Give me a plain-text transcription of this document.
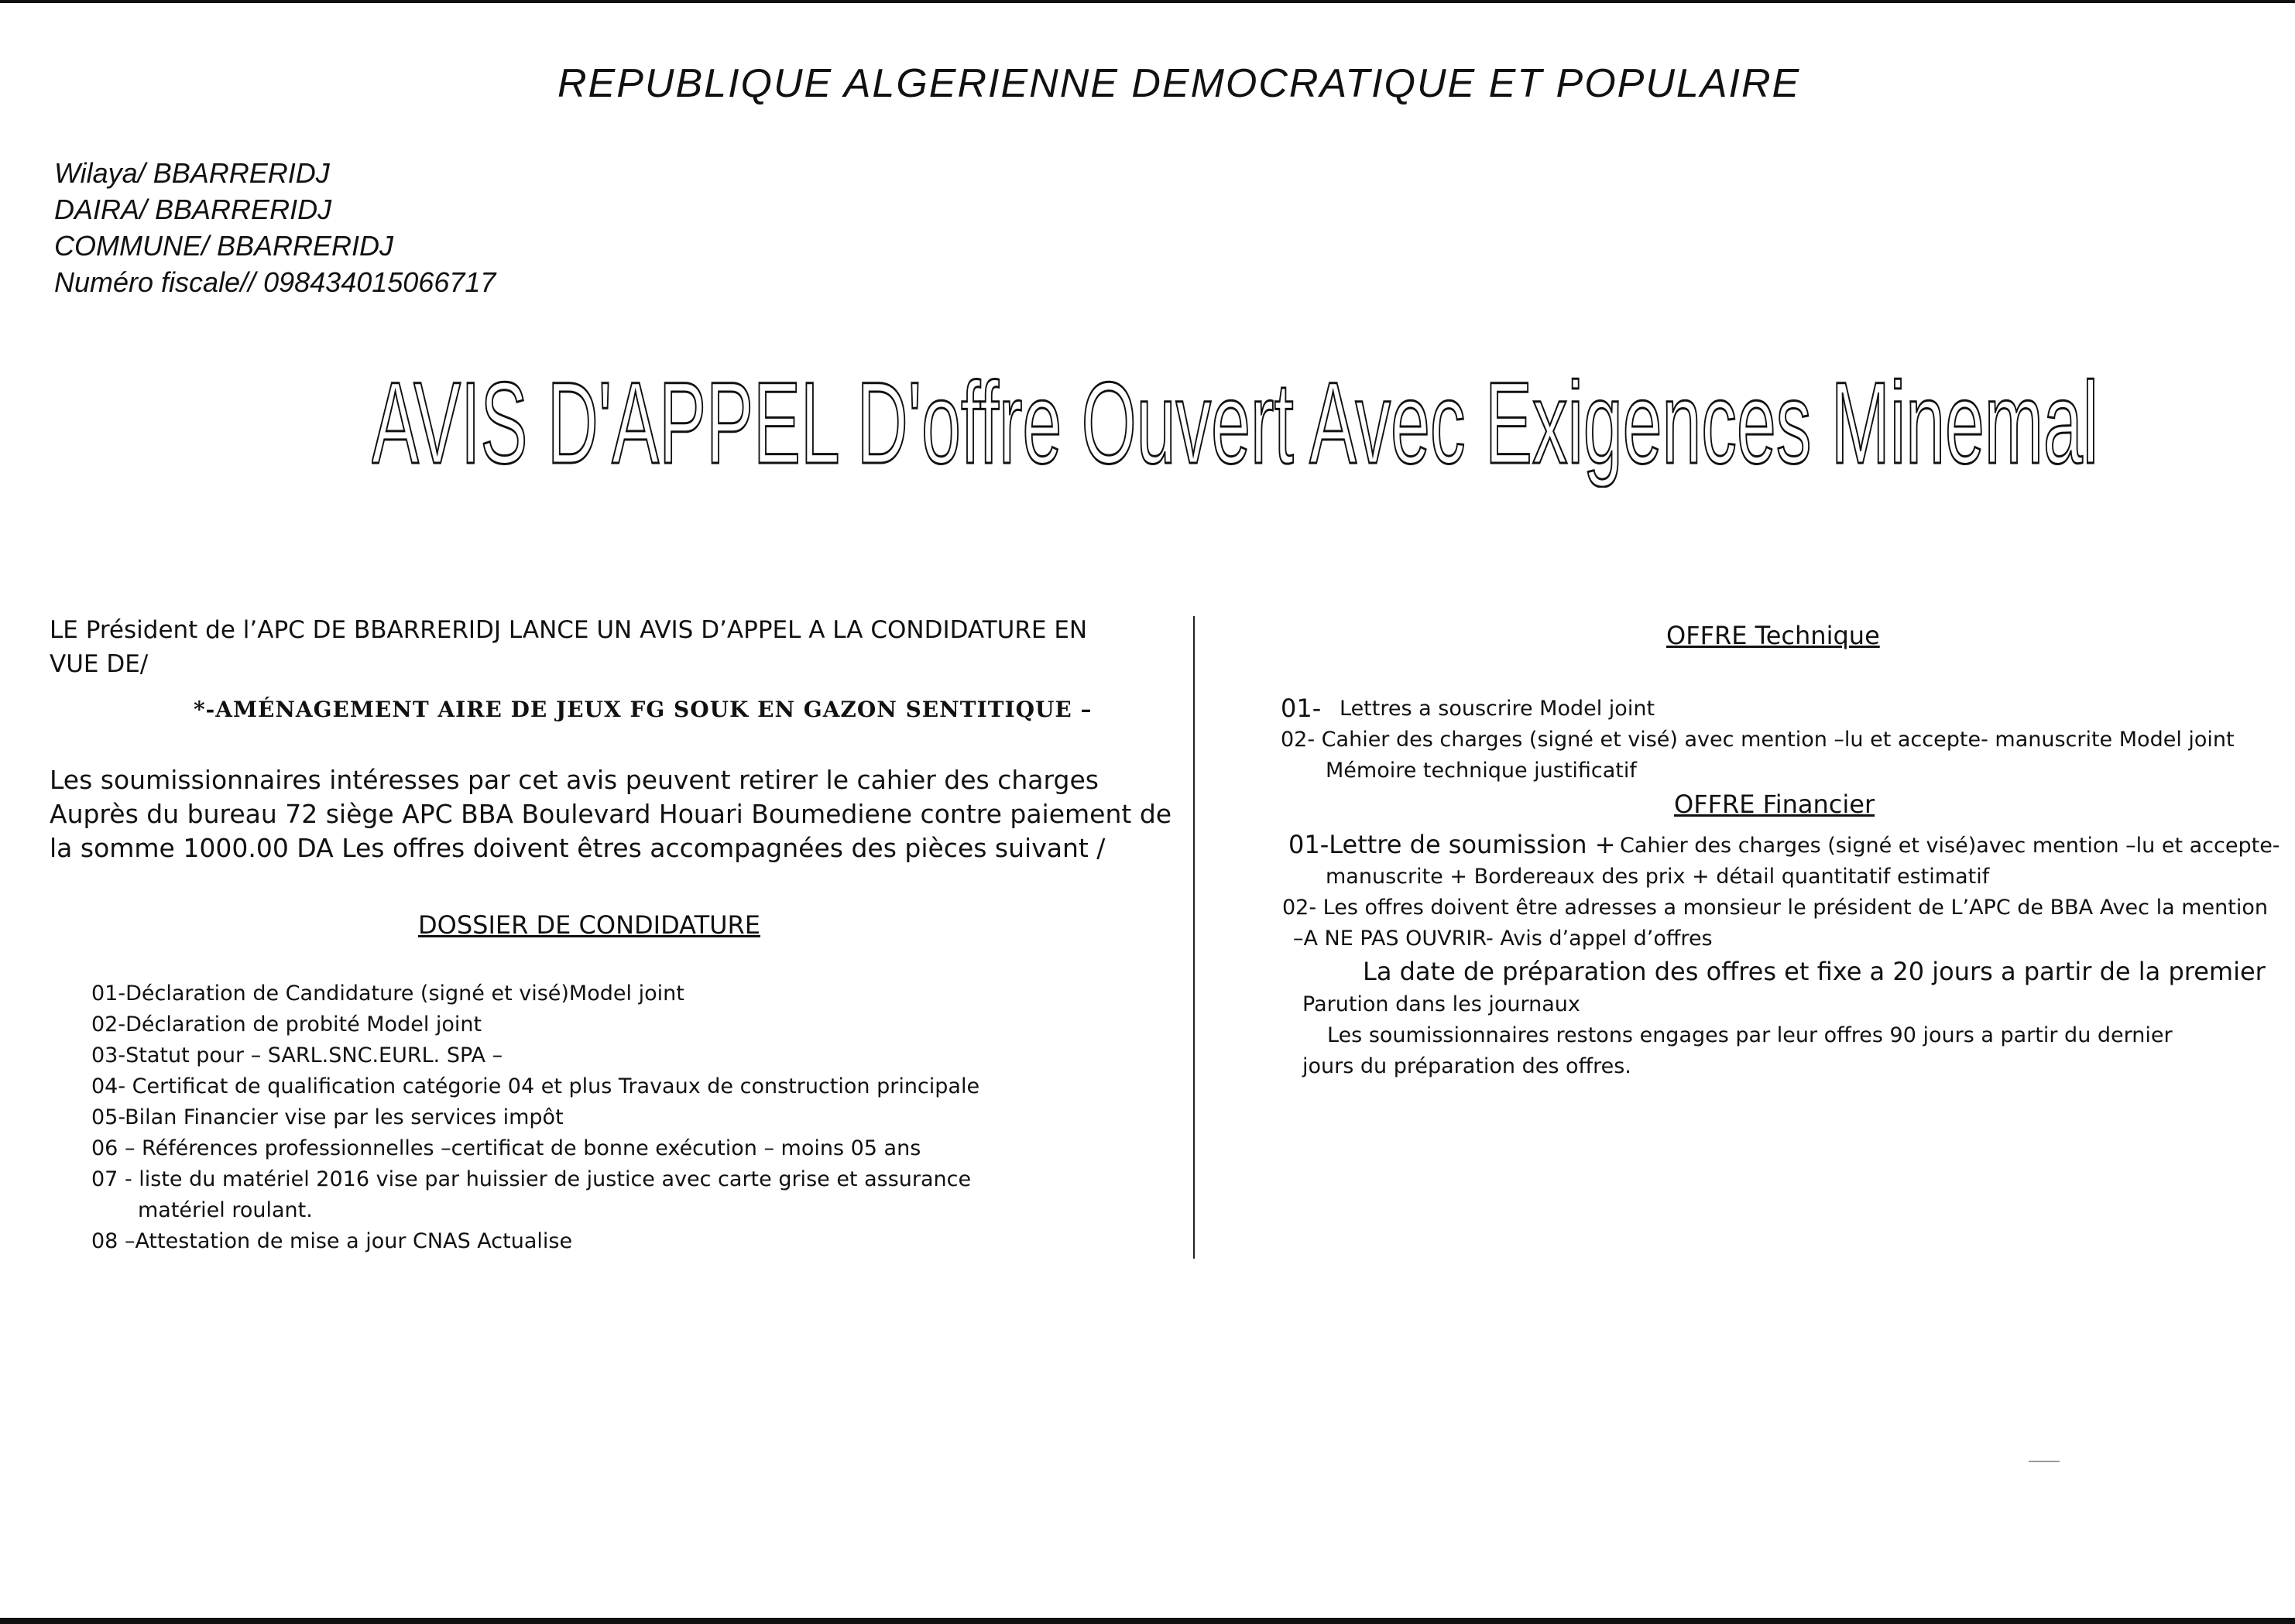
REPUBLIQUE ALGERIENNE DEMOCRATIQUE ET POPULAIRE
Wilaya/ BBARRERIDJ
DAIRA/ BBARRERIDJ
COMMUNE/ BBARRERIDJ
Numéro fiscale// 098434015066717
AVIS D'APPEL D'offre Ouvert Avec Exigences Minemal
LE Président de l’APC DE BBARRERIDJ LANCE UN AVIS D’APPEL A LA CONDIDATURE EN
VUE DE/
*-AMÉNAGEMENT AIRE DE JEUX FG SOUK EN GAZON SENTITIQUE –
Les soumissionnaires intéresses par cet avis peuvent retirer le cahier des charges
Auprès du bureau 72 siège APC BBA Boulevard Houari Boumediene contre paiement de
la somme 1000.00 DA Les offres doivent êtres accompagnées des pièces suivant /
DOSSIER DE CONDIDATURE
01-Déclaration de Candidature (signé et visé)Model joint
02-Déclaration de probité Model joint
03-Statut pour – SARL.SNC.EURL. SPA –
04- Certificat de qualification catégorie 04 et plus Travaux de construction principale
05-Bilan Financier vise par les services impôt
06 – Références professionnelles –certificat de bonne exécution – moins 05 ans
07 - liste du matériel 2016 vise par huissier de justice avec carte grise et assurance
matériel roulant.
08 –Attestation de mise a jour CNAS Actualise
OFFRE Technique
01- Lettres a souscrire Model joint
02- Cahier des charges (signé et visé) avec mention –lu et accepte- manuscrite Model joint
Mémoire technique justificatif
OFFRE Financier
01-Lettre de soumission + Cahier des charges (signé et visé)avec mention –lu et accepte-
manuscrite + Bordereaux des prix + détail quantitatif estimatif
02- Les offres doivent être adresses a monsieur le président de L’APC de BBA Avec la mention
–A NE PAS OUVRIR- Avis d’appel d’offres
La date de préparation des offres et fixe a 20 jours a partir de la premier
Parution dans les journaux
Les soumissionnaires restons engages par leur offres 90 jours a partir du dernier
jours du préparation des offres.
